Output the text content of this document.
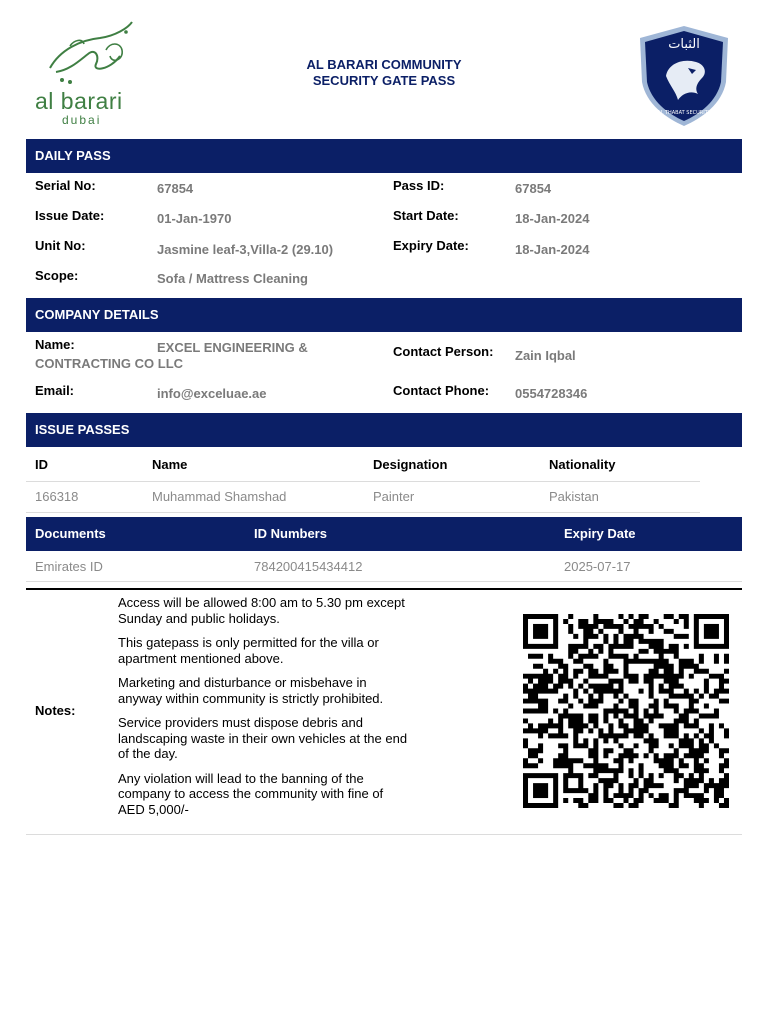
al barari
dubai
AL BARARI COMMUNITY
SECURITY GATE PASS
الثبات
AL THABAT SECURITY
DAILY PASS
Serial No:	67854	Pass ID:	67854
Issue Date:	01-Jan-1970	Start Date:	18-Jan-2024
Unit No:	Jasmine leaf-3,Villa-2 (29.10)	Expiry Date:	18-Jan-2024
Scope:	Sofa / Mattress Cleaning
COMPANY DETAILS
Name:	EXCEL ENGINEERING &
CONTRACTING CO LLC
Contact Person: Zain Iqbal
Email:	info@exceluae.ae	Contact Phone: 0554728346
ISSUE PASSES
ID	Name	Designation	Nationality
166318	Muhammad Shamshad	Painter	Pakistan
Documents	ID Numbers	Expiry Date
Emirates ID	784200415434412	2025-07-17
Notes:

Access will be allowed 8:00 am to 5.30 pm except Sunday and public holidays.

This gatepass is only permitted for the villa or apartment mentioned above.

Marketing and disturbance or misbehave in anyway within community is strictly prohibited.

Service providers must dispose debris and landscaping waste in their own vehicles at the end of the day.

Any violation will lead to the banning of the company to access the community with fine of AED 5,000/-
